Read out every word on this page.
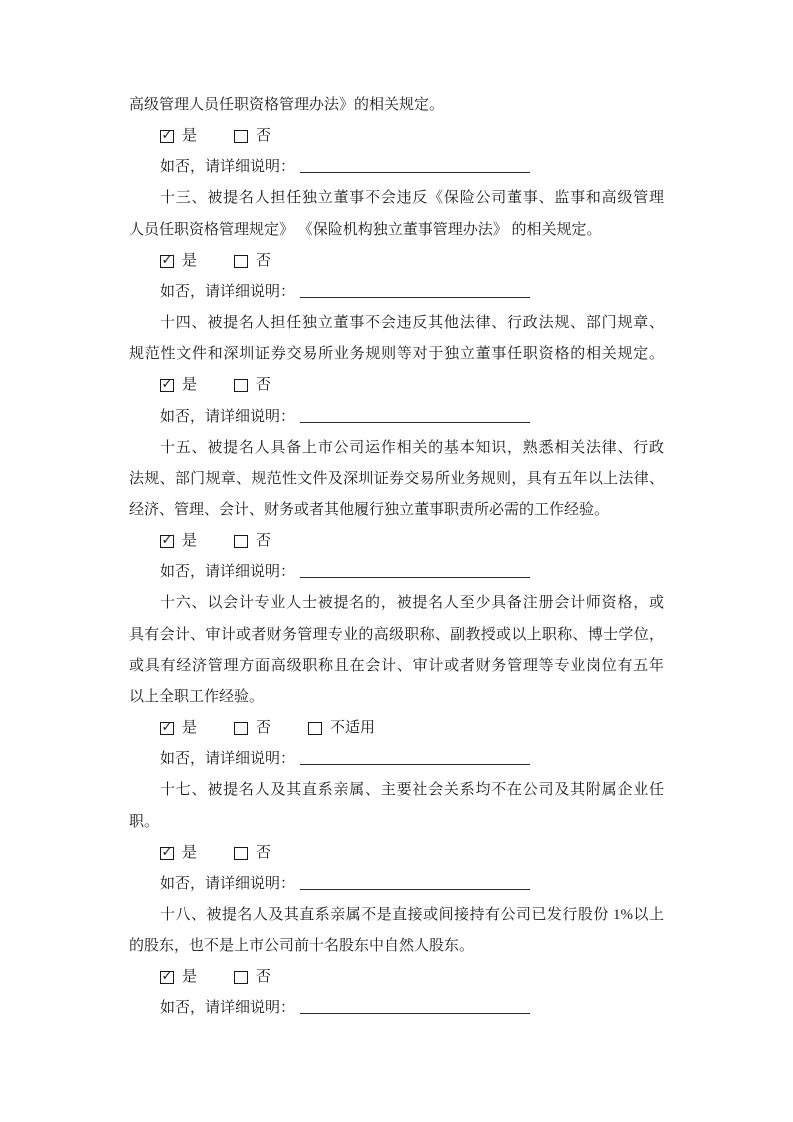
高级管理人员任职资格管理办法》的相关规定。

✓ 是	否
如否，请详细说明：

十三、被提名人担任独立董事不会违反《保险公司董事、监事和高级管理

人员任职资格管理规定》 《保险机构独立董事管理办法》 的相关规定。

✓ 是	否
如否，请详细说明：

十四、被提名人担任独立董事不会违反其他法律、行政法规、部门规章、

规范性文件和深圳证券交易所业务规则等对于独立董事任职资格的相关规定。

✓ 是	否
如否，请详细说明：

十五、被提名人具备上市公司运作相关的基本知识，熟悉相关法律、行政

法规、部门规章、规范性文件及深圳证券交易所业务规则，具有五年以上法律、

经济、管理、会计、财务或者其他履行独立董事职责所必需的工作经验。

✓ 是	否
如否，请详细说明：

十六、以会计专业人士被提名的，被提名人至少具备注册会计师资格，或

具有会计、审计或者财务管理专业的高级职称、副教授或以上职称、博士学位，

或具有经济管理方面高级职称且在会计、审计或者财务管理等专业岗位有五年

以上全职工作经验。

✓ 是	否	不适用
如否，请详细说明：

十七、被提名人及其直系亲属、主要社会关系均不在公司及其附属企业任

职。

✓ 是	否
如否，请详细说明：

十八、被提名人及其直系亲属不是直接或间接持有公司已发行股份 1%以上

的股东，也不是上市公司前十名股东中自然人股东。

✓ 是	否
如否，请详细说明：
